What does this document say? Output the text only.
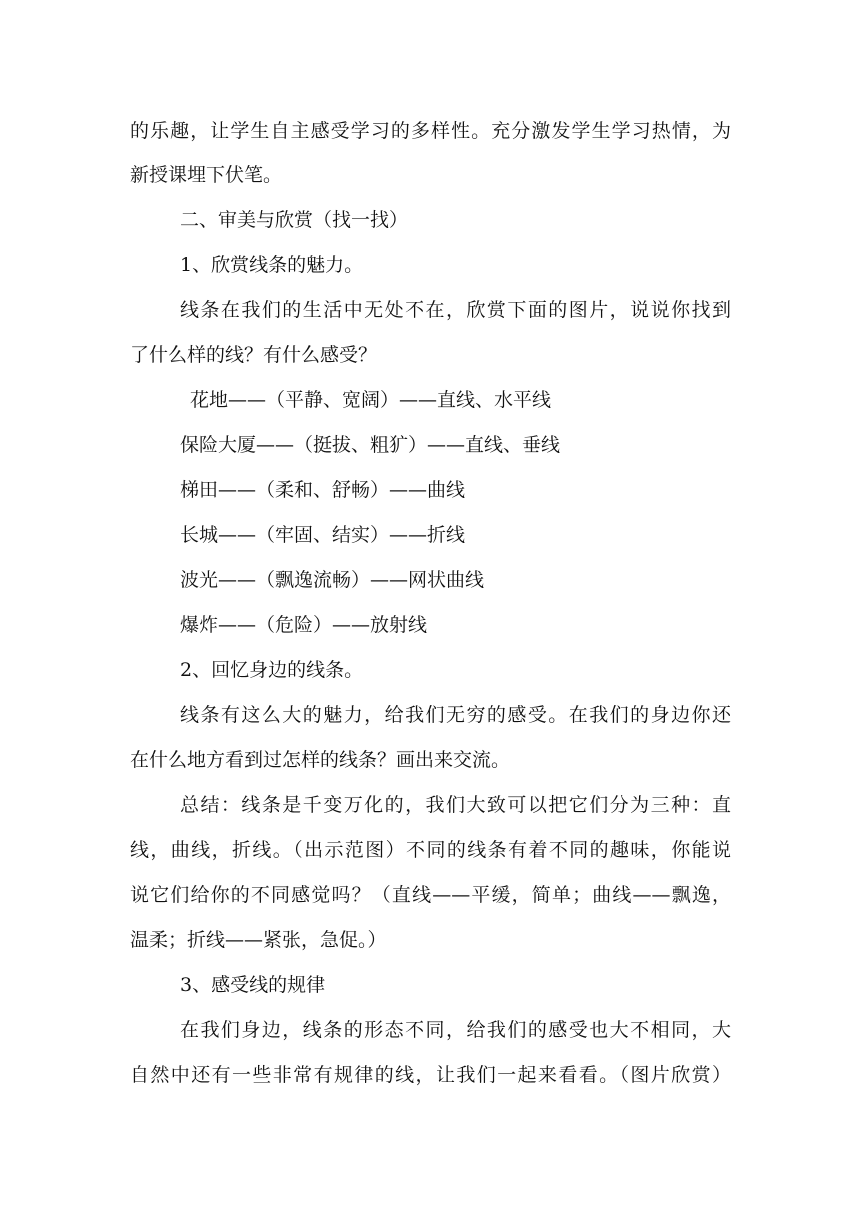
的乐趣，让学生自主感受学习的多样性。充分激发学生学习热情，为

新授课埋下伏笔。

二、审美与欣赏（找一找）

1、欣赏线条的魅力。

线条在我们的生活中无处不在，欣赏下面的图片，说说你找到

了什么样的线？有什么感受？

花地——（平静、宽阔）——直线、水平线

保险大厦——（挺拔、粗犷）——直线、垂线

梯田——（柔和、舒畅）——曲线

长城——（牢固、结实）——折线

波光——（飘逸流畅）——网状曲线

爆炸——（危险）——放射线

2、回忆身边的线条。

线条有这么大的魅力，给我们无穷的感受。在我们的身边你还

在什么地方看到过怎样的线条？画出来交流。

总结：线条是千变万化的，我们大致可以把它们分为三种：直

线，曲线，折线。（出示范图）不同的线条有着不同的趣味，你能说

说它们给你的不同感觉吗？（直线——平缓，简单；曲线——飘逸，

温柔；折线——紧张，急促。）

3、感受线的规律

在我们身边，线条的形态不同，给我们的感受也大不相同，大

自然中还有一些非常有规律的线，让我们一起来看看。（图片欣赏）
